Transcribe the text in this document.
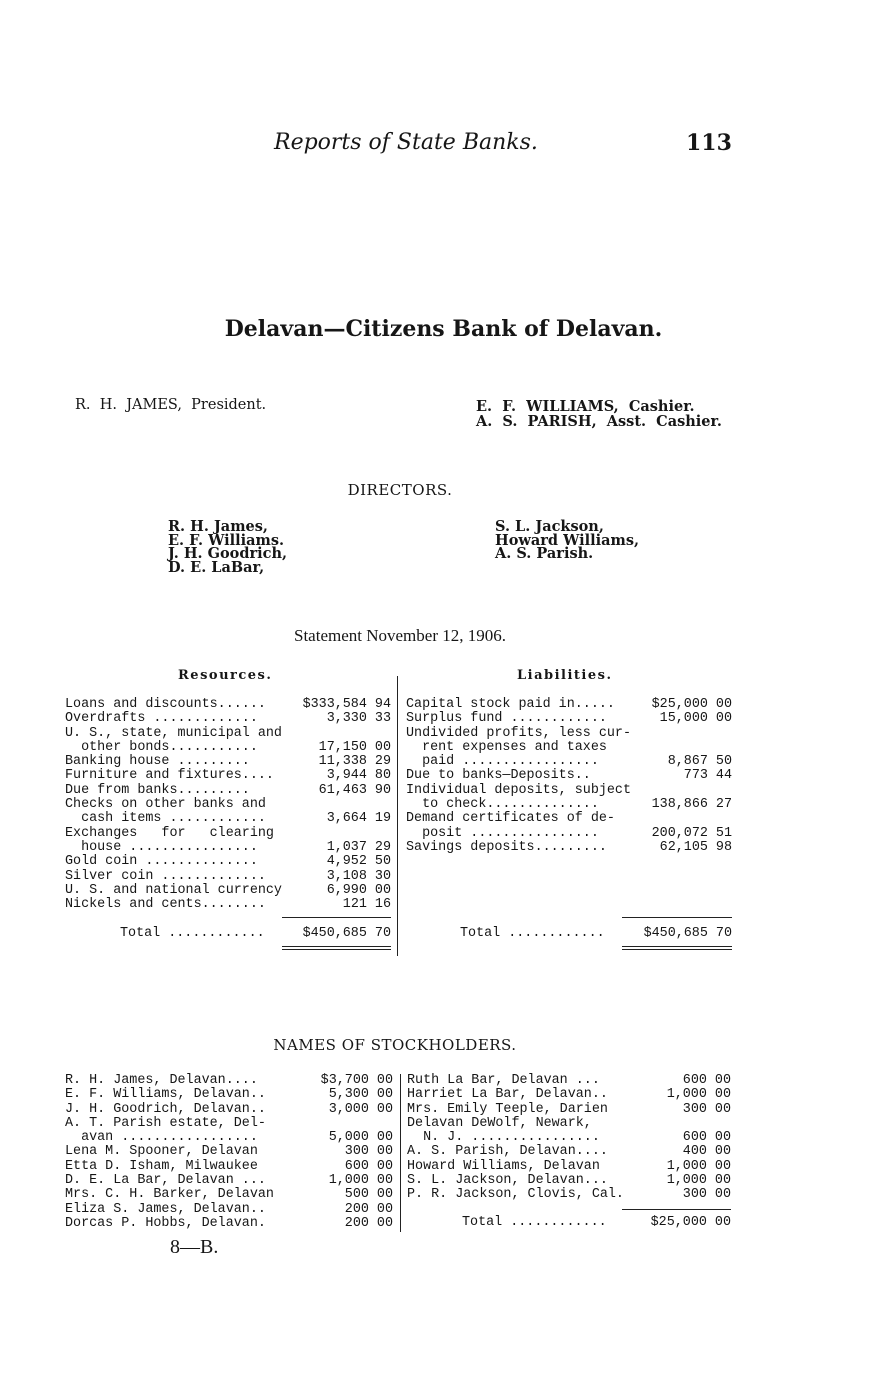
Reports of State Banks.	113
Delavan—Citizens Bank of Delavan.
R.  H.  JAMES,  President.	E.  F.  WILLIAMS,  Cashier.
A.  S.  PARISH,  Asst.  Cashier.
DIRECTORS.
R. H. James,
E. F. Williams.
J. H. Goodrich,
D. E. LaBar,
S. L. Jackson,
Howard Williams,
A. S. Parish.
Statement November 12, 1906.
Resources.	Liabilities.
Loans and discounts......	$333,584 94
Overdrafts .............	3,330 33
U. S., state, municipal and
other bonds...........	17,150 00
Banking house .........	11,338 29
Furniture and fixtures....	3,944 80
Due from banks.........	61,463 90
Checks on other banks and
cash items ............	3,664 19
Exchanges   for   clearing
house ................	1,037 29
Gold coin ..............	4,952 50
Silver coin .............	3,108 30
U. S. and national currency	6,990 00
Nickels and cents........	121 16
Total ............	$450,685 70
Capital stock paid in.....	$25,000 00
Surplus fund ............	15,000 00
Undivided profits, less cur-
rent expenses and taxes
paid .................	8,867 50
Due to banks—Deposits..	773 44
Individual deposits, subject
to check..............	138,866 27
Demand certificates of de-
posit ................	200,072 51
Savings deposits.........	62,105 98
Total ............	$450,685 70
NAMES OF STOCKHOLDERS.
R. H. James, Delavan....	$3,700 00
E. F. Williams, Delavan..	5,300 00
J. H. Goodrich, Delavan..	3,000 00
A. T. Parish estate, Del-
avan .................	5,000 00
Lena M. Spooner, Delavan	300 00
Etta D. Isham, Milwaukee	600 00
D. E. La Bar, Delavan ...	1,000 00
Mrs. C. H. Barker, Delavan	500 00
Eliza S. James, Delavan..	200 00
Dorcas P. Hobbs, Delavan.	200 00
Ruth La Bar, Delavan ...	600 00
Harriet La Bar, Delavan..	1,000 00
Mrs. Emily Teeple, Darien	300 00
Delavan DeWolf, Newark,
N. J. ................	600 00
A. S. Parish, Delavan....	400 00
Howard Williams, Delavan	1,000 00
S. L. Jackson, Delavan...	1,000 00
P. R. Jackson, Clovis, Cal.	300 00
Total ............	$25,000 00
8—B.
